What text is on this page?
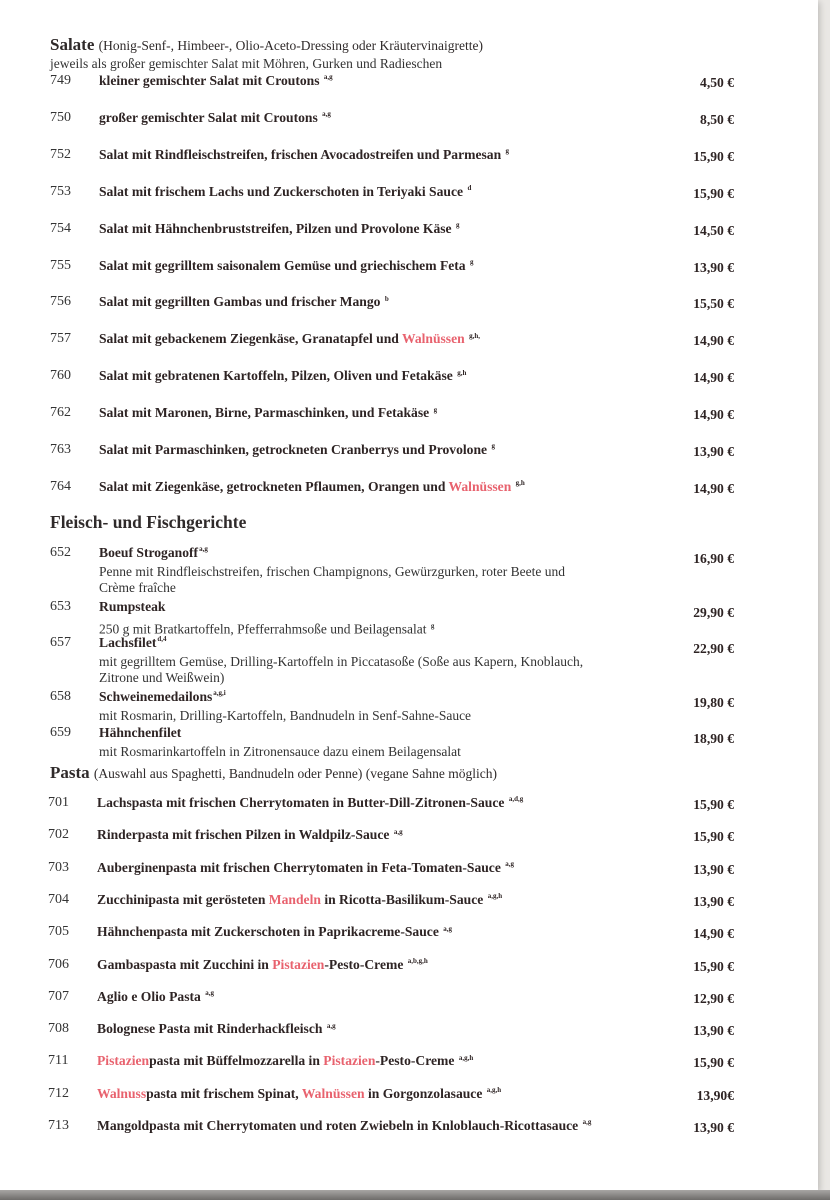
Salate (Honig-Senf-, Himbeer-, Olio-Aceto-Dressing oder Kräutervinaigrette)
jeweils als großer gemischter Salat mit Möhren, Gurken und Radieschen
749 kleiner gemischter Salat mit Croutons $^{a,g}$	4,50 €
750 großer gemischter Salat mit Croutons $^{a,g}$	8,50 €
752 Salat mit Rindfleischstreifen, frischen Avocadostreifen und Parmesan $^g$	15,90 €
753 Salat mit frischem Lachs und Zuckerschoten in Teriyaki Sauce $^d$	15,90 €
754 Salat mit Hähnchenbruststreifen, Pilzen und Provolone Käse $^g$	14,50 €
755 Salat mit gegrilltem saisonalem Gemüse und griechischem Feta $^g$	13,90 €
756 Salat mit gegrillten Gambas und frischer Mango $^b$	15,50 €
757 Salat mit gebackenem Ziegenkäse, Granatapfel und Walnüssen $^{g,h,}$	14,90 €
760 Salat mit gebratenen Kartoffeln, Pilzen, Oliven und Fetakäse $^{g,h}$	14,90 €
762 Salat mit Maronen, Birne, Parmaschinken, und Fetakäse $^g$	14,90 €
763 Salat mit Parmaschinken, getrockneten Cranberrys und Provolone $^g$	13,90 €
764 Salat mit Ziegenkäse, getrockneten Pflaumen, Orangen und Walnüssen $^{g,h}$	14,90 €
Fleisch- und Fischgerichte
652 Boeuf Stroganoff$^{a,g}$
16,90 €
Penne mit Rindfleischstreifen, frischen Champignons, Gewürzgurken, roter Beete und
Crème fraîche
653 Rumpsteak	29,90 €
250 g mit Bratkartoffeln, Pfefferrahmsoße und Beilagensalat $^g$
657 Lachsfilet$^{d,4}$
22,90 €
mit gegrilltem Gemüse, Drilling-Kartoffeln in Piccatasoße (Soße aus Kapern, Knoblauch,
Zitrone und Weißwein)
658 Schweinemedailons$^{a,g,i}$
19,80 €
mit Rosmarin, Drilling-Kartoffeln, Bandnudeln in Senf-Sahne-Sauce
659 Hähnchenfilet	18,90 €
mit Rosmarinkartoffeln in Zitronensauce dazu einem Beilagensalat
Pasta (Auswahl aus Spaghetti, Bandnudeln oder Penne) (vegane Sahne möglich)
701 Lachspasta mit frischen Cherrytomaten in Butter-Dill-Zitronen-Sauce $^{a,d,g}$	15,90 €
702 Rinderpasta mit frischen Pilzen in Waldpilz-Sauce $^{a,g}$	15,90 €
703 Auberginenpasta mit frischen Cherrytomaten in Feta-Tomaten-Sauce $^{a,g}$	13,90 €
704 Zucchinipasta mit gerösteten Mandeln in Ricotta-Basilikum-Sauce $^{a,g,h}$	13,90 €
705 Hähnchenpasta mit Zuckerschoten in Paprikacreme-Sauce $^{a,g}$	14,90 €
706 Gambaspasta mit Zucchini in Pistazien-Pesto-Creme $^{a,b,g,h}$	15,90 €
707 Aglio e Olio Pasta $^{a,g}$	12,90 €
708 Bolognese Pasta mit Rinderhackfleisch $^{a,g}$	13,90 €
711 Pistazienpasta mit Büffelmozzarella in Pistazien-Pesto-Creme $^{a,g,h}$	15,90 €
712 Walnusspasta mit frischem Spinat, Walnüssen in Gorgonzolasauce $^{a,g,h}$	13,90€
713 Mangoldpasta mit Cherrytomaten und roten Zwiebeln in Knloblauch-Ricottasauce $^{a,g}$	13,90 €
